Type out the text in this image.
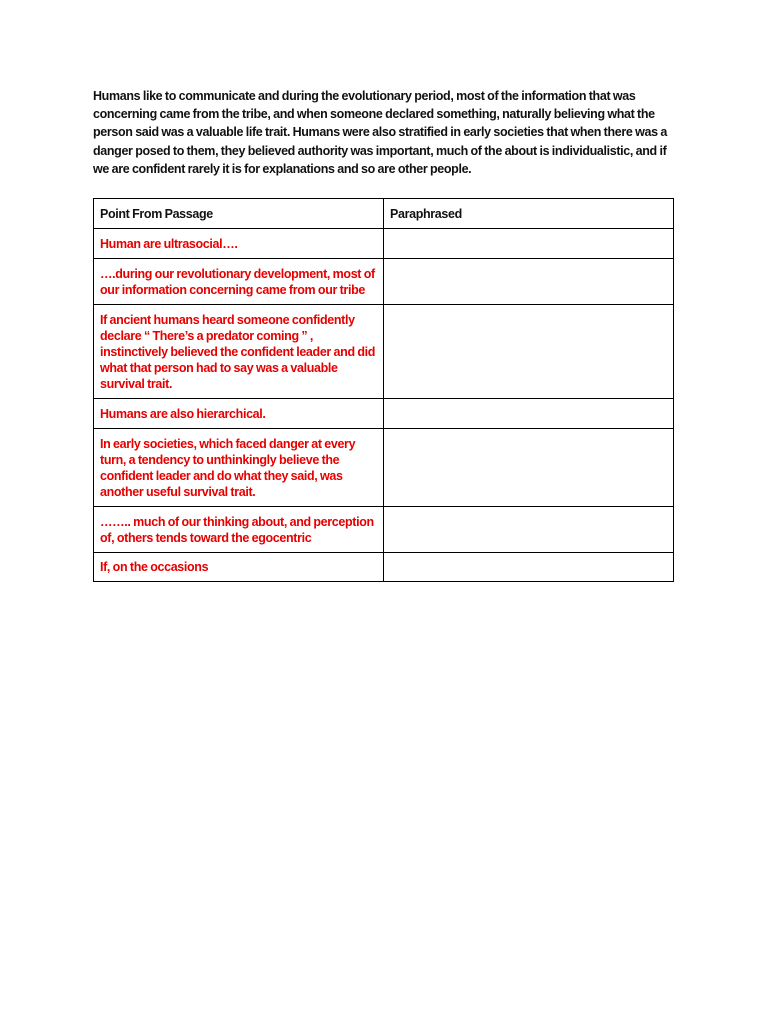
Humans like to communicate and during the evolutionary period, most of the information that was concerning came from the tribe, and when someone declared something, naturally believing what the person said was a valuable life trait. Humans were also stratified in early societies that when there was a danger posed to them, they believed authority was important, much of the about is individualistic, and if we are confident rarely it is for explanations and so are other people.

Point From Passage	Paraphrased
Human are ultrasocial….	
….during our revolutionary development, most of our information concerning came from our tribe	
If ancient humans heard someone confidently declare “ There’s a predator coming ” , instinctively believed the confident leader and did what that person had to say was a valuable survival trait.	
Humans are also hierarchical.	
In early societies, which faced danger at every turn, a tendency to unthinkingly believe the confident leader and do what they said, was another useful survival trait.	
…….. much of our thinking about, and perception of, others tends toward the egocentric	
If, on the occasions	
